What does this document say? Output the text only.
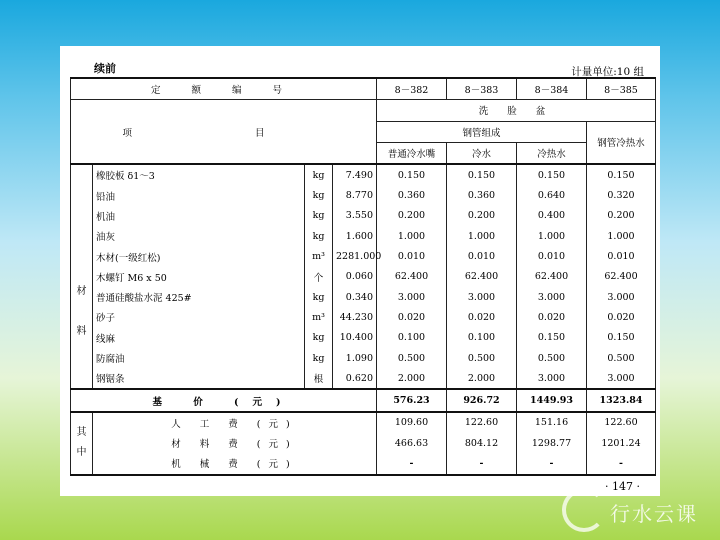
续前	计量单位:10 组
定 额 编 号				8－382	8－383	8－384	8－385
项 目				洗 脸 盆			
				钢管组成			钢管冷热水
				普通冷水嘴	冷水	冷热水	

材
料	橡胶板 δ1～3	kg	7.490	0.150	0.150	0.150	0.150
	铅油	kg	8.770	0.360	0.360	0.640	0.320
	机油	kg	3.550	0.200	0.200	0.400	0.200
	油灰	kg	1.600	1.000	1.000	1.000	1.000
	木材(一级红松)	m³	2281.000	0.010	0.010	0.010	0.010
	木螺钉 M6 x 50	个	0.060	62.400	62.400	62.400	62.400
	普通硅酸盐水泥 425#	kg	0.340	3.000	3.000	3.000	3.000
	砂子	m³	44.230	0.020	0.020	0.020	0.020
	线麻	kg	10.400	0.100	0.100	0.150	0.150
	防腐油	kg	1.090	0.500	0.500	0.500	0.500
	钢锯条	根	0.620	2.000	2.000	3.000	3.000
基 价 (元)				576.23	926.72	1449.93	1323.84

其
中	人 工 费 (元)			109.60	122.60	151.16	122.60
	材 料 费 (元)			466.63	804.12	1298.77	1201.24
	机 械 费 (元)			-	-	-	-
· 147 ·
行水云课
